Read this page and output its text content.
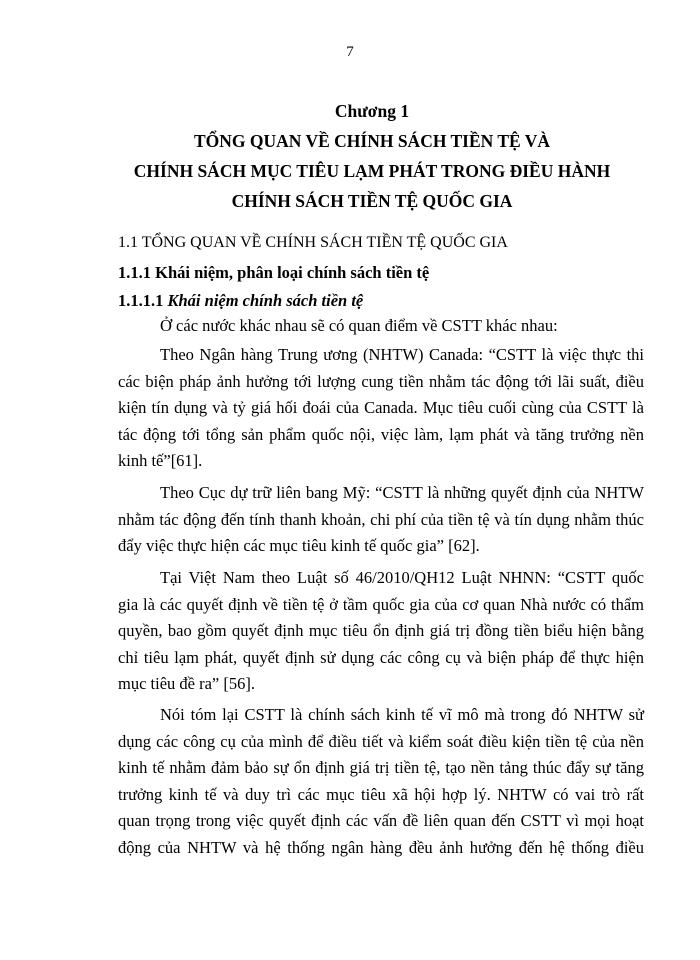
7
Chương 1
TỔNG QUAN VỀ CHÍNH SÁCH TIỀN TỆ VÀ
CHÍNH SÁCH MỤC TIÊU LẠM PHÁT TRONG ĐIỀU HÀNH
CHÍNH SÁCH TIỀN TỆ QUỐC GIA
1.1 TỔNG QUAN VỀ CHÍNH SÁCH TIỀN TỆ QUỐC GIA
1.1.1 Khái niệm, phân loại chính sách tiền tệ
1.1.1.1 Khái niệm chính sách tiền tệ
Ở các nước khác nhau sẽ có quan điểm về CSTT khác nhau:
Theo Ngân hàng Trung ương (NHTW) Canada: “CSTT là việc thực thi
các biện pháp ảnh hưởng tới lượng cung tiền nhằm tác động tới lãi suất, điều
kiện tín dụng và tỷ giá hối đoái của Canada. Mục tiêu cuối cùng của CSTT là
tác động tới tổng sản phẩm quốc nội, việc làm, lạm phát và tăng trưởng nền
kinh tế”[61].
Theo Cục dự trữ liên bang Mỹ: “CSTT là những quyết định của NHTW
nhằm tác động đến tính thanh khoản, chi phí của tiền tệ và tín dụng nhằm thúc
đẩy việc thực hiện các mục tiêu kinh tế quốc gia” [62].
Tại Việt Nam theo Luật số 46/2010/QH12 Luật NHNN: “CSTT quốc
gia là các quyết định về tiền tệ ở tầm quốc gia của cơ quan Nhà nước có thẩm
quyền, bao gồm quyết định mục tiêu ổn định giá trị đồng tiền biểu hiện bằng
chỉ tiêu lạm phát, quyết định sử dụng các công cụ và biện pháp để thực hiện
mục tiêu đề ra” [56].
Nói tóm lại CSTT là chính sách kinh tế vĩ mô mà trong đó NHTW sử
dụng các công cụ của mình để điều tiết và kiểm soát điều kiện tiền tệ của nền
kinh tế nhằm đảm bảo sự ổn định giá trị tiền tệ, tạo nền tảng thúc đẩy sự tăng
trưởng kinh tế và duy trì các mục tiêu xã hội hợp lý. NHTW có vai trò rất
quan trọng trong việc quyết định các vấn đề liên quan đến CSTT vì mọi hoạt
động của NHTW và hệ thống ngân hàng đều ảnh hưởng đến hệ thống điều
